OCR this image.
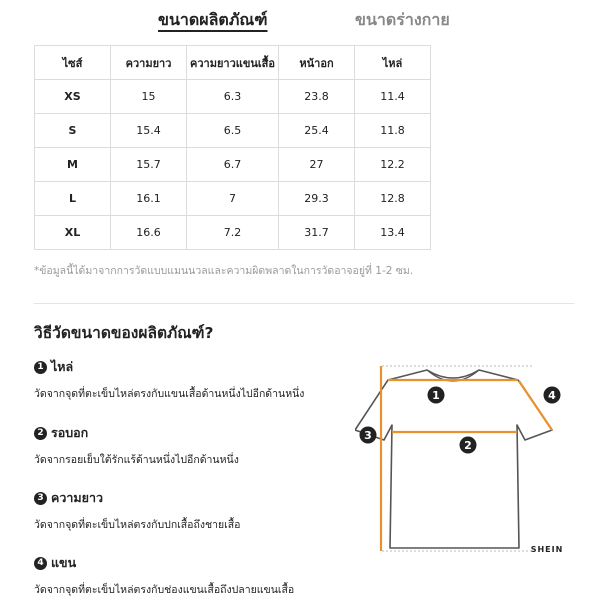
ขนาดผลิตภัณฑ์	ขนาดร่างกาย
ไซส์	ความยาว	ความยาวแขนเสื้อ	หน้าอก	ไหล่
XS	15	6.3	23.8	11.4
S	15.4	6.5	25.4	11.8
M	15.7	6.7	27	12.2
L	16.1	7	29.3	12.8
XL	16.6	7.2	31.7	13.4
*ข้อมูลนี้ได้มาจากการวัดแบบแมนนวลและความผิดพลาดในการวัดอาจอยู่ที่ 1-2 ซม.
วิธีวัดขนาดของผลิตภัณฑ์?
1 ไหล่
วัดจากจุดที่ตะเข็บไหล่ตรงกับแขนเสื้อด้านหนึ่งไปอีกด้านหนึ่ง
2 รอบอก
วัดจากรอยเย็บใต้รักแร้ด้านหนึ่งไปอีกด้านหนึ่ง
3 ความยาว
วัดจากจุดที่ตะเข็บไหล่ตรงกับปกเสื้อถึงชายเสื้อ
4 แขน
วัดจากจุดที่ตะเข็บไหล่ตรงกับช่องแขนเสื้อถึงปลายแขนเสื้อ
1
2
3
4
SHEIN
